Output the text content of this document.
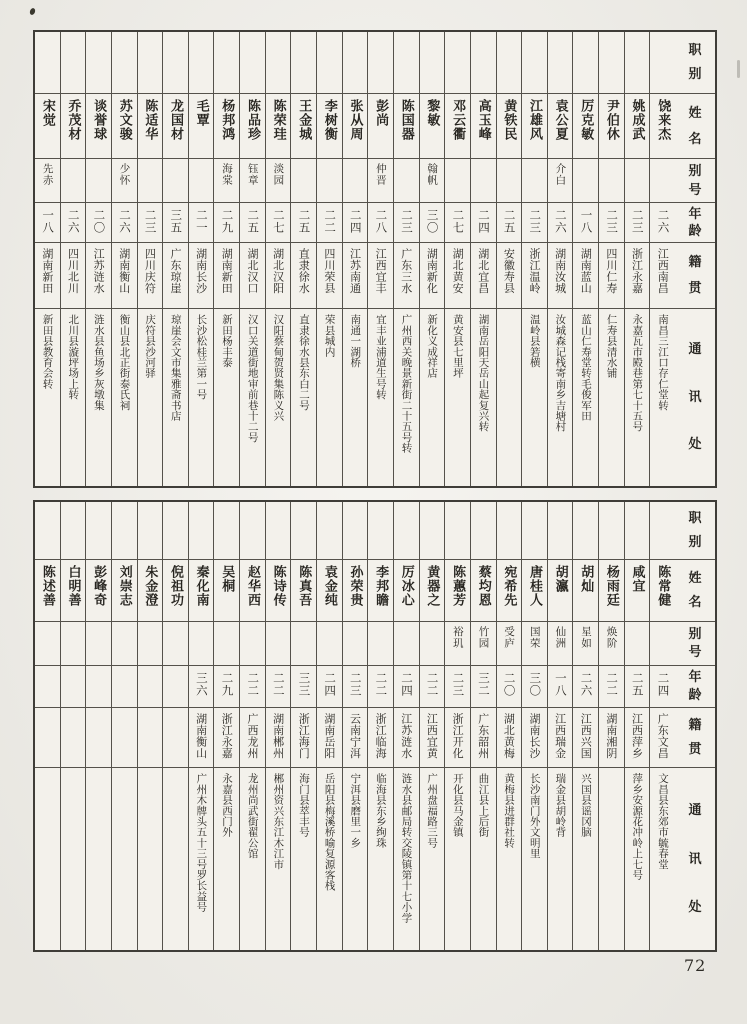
宋觉
先赤
一八
湖南新田
新田县教育会转
乔茂材
二六
四川北川
北川县漩坪场上转
谈誉球
二〇
江苏涟水
涟水县鱼场乡灰墩集
苏文骏
少怀
二六
湖南衡山
衡山县北正街泰氏祠
陈适华
二三
四川庆符
庆符县沙河驿
龙国材
三五
广东琼崖
琼崖会文市集雅斋书店
毛覃
二一
湖南长沙
长沙松桂兰第一号
杨邦鸿
海棠
二九
湖南新田
新田杨丰泰
陈品珍
钰章
二五
湖北汉口
汉口关道街地审前巷十二号
陈荣珪
淡园
二七
湖北汉阳
汉阳蔡甸贺贤集陈义兴
王金城
二五
直隶徐水
直隶徐水县东白二号
李树衡
二二
四川荣县
荣县城内
张从周
二四
江苏南通
南通一湖桥
彭尚
仲晋
二八
江西宜丰
宜丰业浦道生号转
陈国器
二三
广东三水
广州西关晚景新街二十五号转
黎敏
翰帆
三〇
湖南新化
新化义成祥店
邓云衢
二七
湖北黄安
黄安县七里坪
高玉峰
二四
湖北宜昌
湖南岳阳天岳山起复兴转
黄铁民
二五
安徽寿县
江雄风
二三
浙江温岭
温岭县箬横
袁公夏
介白
二六
湖南汝城
汝城森记栈寄南乡吉塘村
厉克敏
一八
湖南蓝山
蓝山仁寿堂转毛俊军田
尹伯休
二三
四川仁寿
仁寿县清水铺
姚成武
二三
浙江永嘉
永嘉瓦市殿巷第七十五号
饶来杰
二六
江西南昌
南昌三江口存仁堂转
职
别
姓
名
别
号
年
龄
籍
贯
通
讯
处
陈述善 白明善 彭峰奇 刘崇志 朱金澄 倪祖功 秦化南
三六
湖南衡山
广州木牌头五十三号罗长益号
吴桐
二九
浙江永嘉
永嘉县西门外
赵华西
二二
广西龙州
龙州尚武街翟公馆
陈诗传
二二
湖南郴州
郴州资兴东江木江市
陈真吾
三三
浙江海门
海门县萃丰号
袁金纯
二四
湖南岳阳
岳阳县梅溪桥喻复源客栈
孙荣贵
二三
云南宁洱
宁洱县磨里一乡
李邦瞻
二二
浙江临海
临海县东乡绚珠
厉冰心
二四
江苏涟水
涟水县邮局转交陵镇第十七小学
黄器之
二二
江西宜黄
广州盘福路三号
陈蕙芳
裕玑
二三
浙江开化
开化县马金镇
蔡均恩
竹园
三二
广东韶州
曲江县上后街
宛希先
受庐
二〇
湖北黄梅
黄梅县进群社转
唐桂人
国荣
三〇
湖南长沙
长沙南门外文明里
胡瀛
仙洲
一八
江西瑞金
瑞金县胡岭背
胡灿
星如
二六
江西兴国
兴国县谣冈脑
杨雨廷
焕阶
二二
湖南湘阴
咸宜
二五
江西萍乡
萍乡安源花冲岭上七号
陈常健
二四
广东文昌
文昌县东郊市毓春堂
职
别
姓
名
别
号
年
龄
籍
贯
通
讯
处
72
